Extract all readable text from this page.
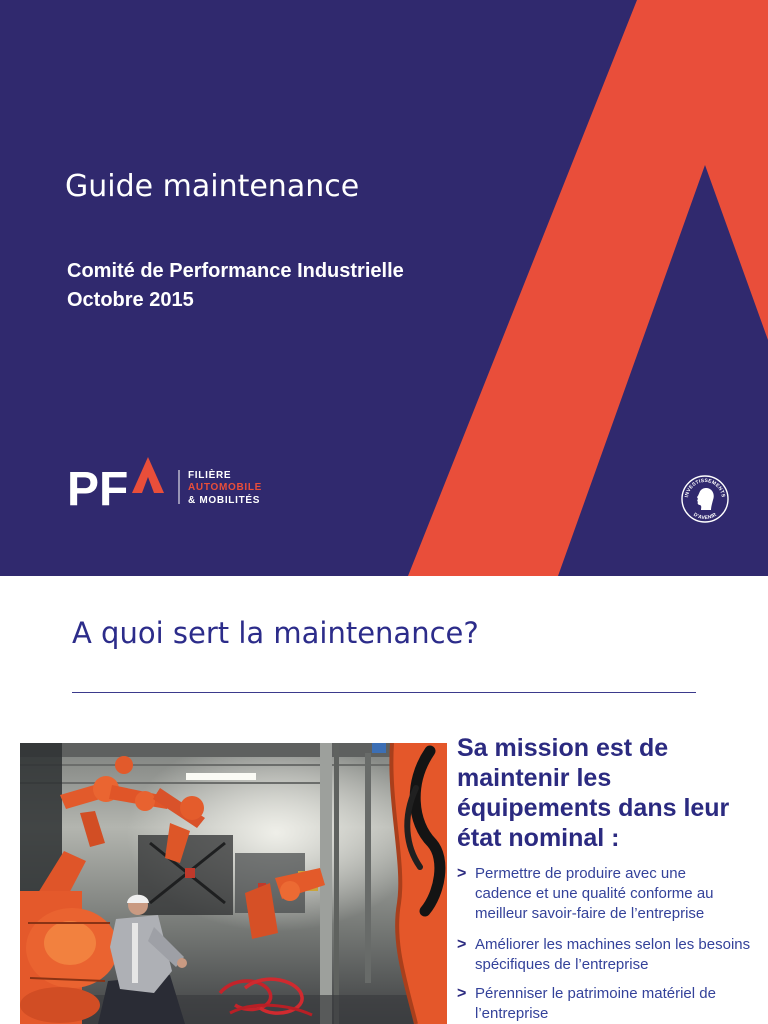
Guide maintenance
Comité de Performance Industrielle
Octobre 2015
PF	FILIÈRE
AUTOMOBILE
& MOBILITÉS	INVESTISSEMENTS
D'AVENIR
A quoi sert la maintenance?
Sa mission est de
maintenir les
équipements dans leur
état nominal :
> Permettre de produire avec une
cadence et une qualité conforme au
meilleur savoir-faire de l’entreprise
> Améliorer les machines selon les besoins
spécifiques de l’entreprise
> Pérenniser le patrimoine matériel de
l’entreprise
